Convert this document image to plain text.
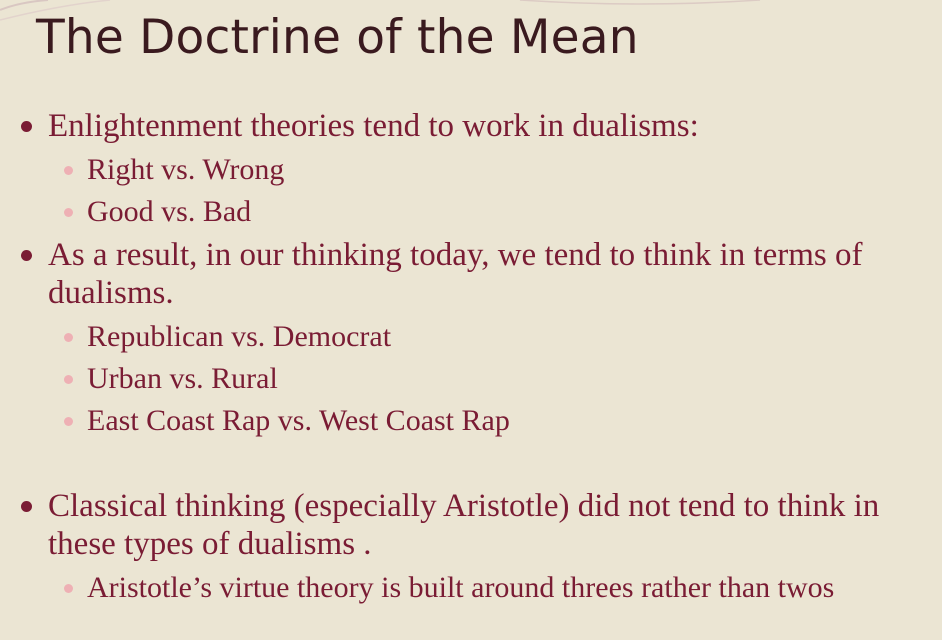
The Doctrine of the Mean

Enlightenment theories tend to work in dualisms:

Right vs. Wrong

Good vs. Bad

As a result, in our thinking today, we tend to think in terms of dualisms.

Republican vs. Democrat

Urban vs. Rural

East Coast Rap vs. West Coast Rap

Classical thinking (especially Aristotle) did not tend to think in these types of dualisms .

Aristotle’s virtue theory is built around threes rather than twos
